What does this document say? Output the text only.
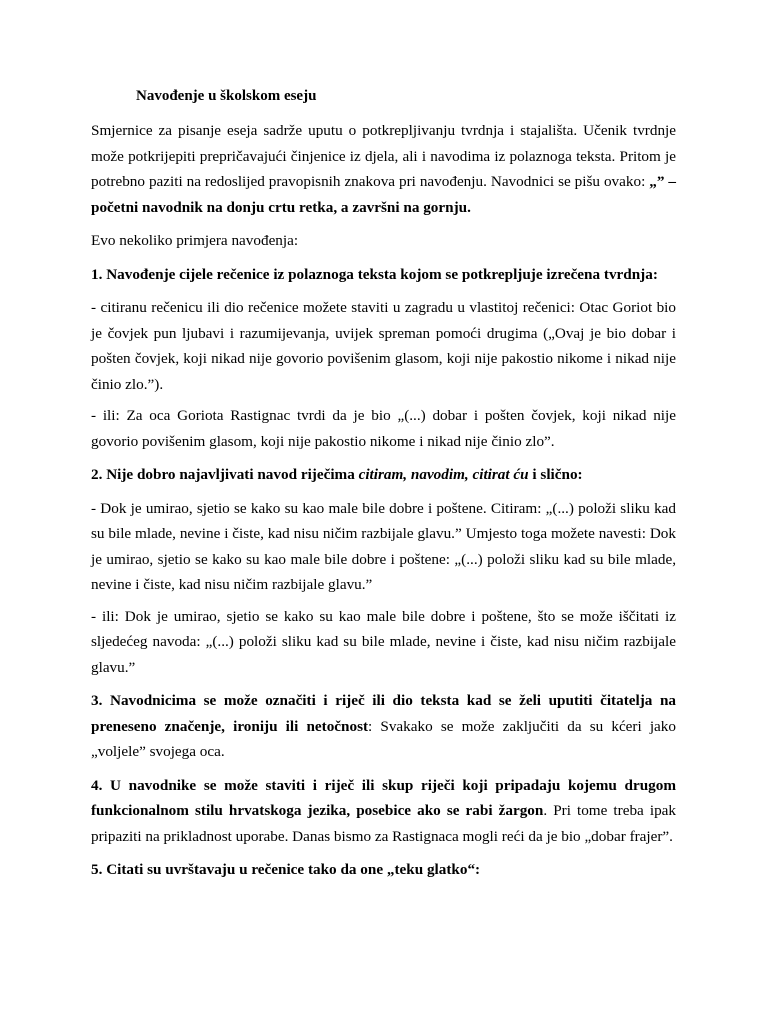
Navođenje u školskom eseju

Smjernice za pisanje eseja sadrže uputu o potkrepljivanju tvrdnja i stajališta. Učenik tvrdnje može potkrijepiti prepričavajući činjenice iz djela, ali i navodima iz polaznoga teksta. Pritom je potrebno paziti na redoslijed pravopisnih znakova pri navođenju. Navodnici se pišu ovako: „” – početni navodnik na donju crtu retka, a završni na gornju.

Evo nekoliko primjera navođenja:

1. Navođenje cijele rečenice iz polaznoga teksta kojom se potkrepljuje izrečena tvrdnja:

- citiranu rečenicu ili dio rečenice možete staviti u zagradu u vlastitoj rečenici: Otac Goriot bio je čovjek pun ljubavi i razumijevanja, uvijek spreman pomoći drugima („Ovaj je bio dobar i pošten čovjek, koji nikad nije govorio povišenim glasom, koji nije pakostio nikome i nikad nije činio zlo.”).

- ili: Za oca Goriota Rastignac tvrdi da je bio „(...) dobar i pošten čovjek, koji nikad nije govorio povišenim glasom, koji nije pakostio nikome i nikad nije činio zlo”.

2. Nije dobro najavljivati navod riječima citiram, navodim, citirat ću i slično:

- Dok je umirao, sjetio se kako su kao male bile dobre i poštene. Citiram: „(...) položi sliku kad su bile mlade, nevine i čiste, kad nisu ničim razbijale glavu.” Umjesto toga možete navesti: Dok je umirao, sjetio se kako su kao male bile dobre i poštene: „(...) položi sliku kad su bile mlade, nevine i čiste, kad nisu ničim razbijale glavu.”

- ili: Dok je umirao, sjetio se kako su kao male bile dobre i poštene, što se može iščitati iz sljedećeg navoda: „(...) položi sliku kad su bile mlade, nevine i čiste, kad nisu ničim razbijale glavu.”

3. Navodnicima se može označiti i riječ ili dio teksta kad se želi uputiti čitatelja na preneseno značenje, ironiju ili netočnost: Svakako se može zaključiti da su kćeri jako „voljele” svojega oca.

4. U navodnike se može staviti i riječ ili skup riječi koji pripadaju kojemu drugom funkcionalnom stilu hrvatskoga jezika, posebice ako se rabi žargon. Pri tome treba ipak pripaziti na prikladnost uporabe. Danas bismo za Rastignaca mogli reći da je bio „dobar frajer”.

5. Citati su uvrštavaju u rečenice tako da one „teku glatko“:
